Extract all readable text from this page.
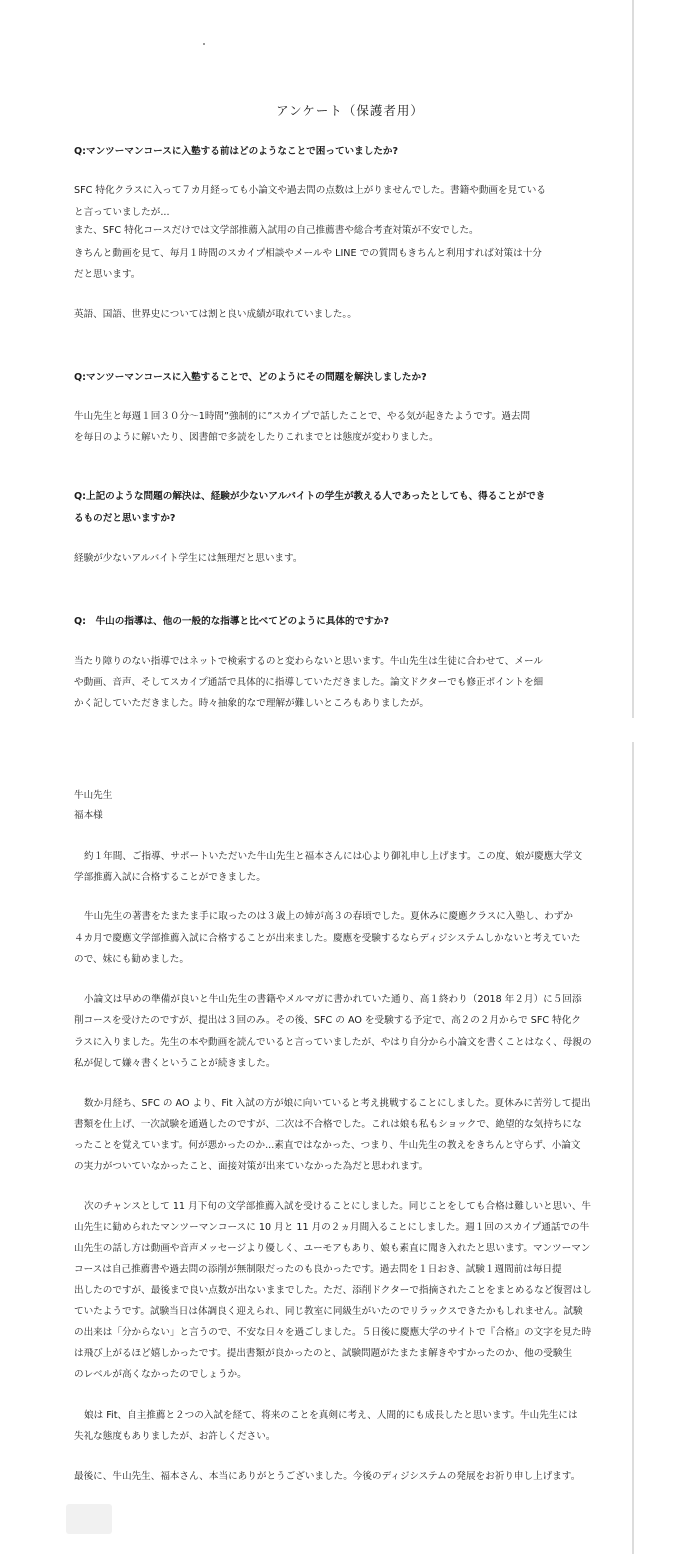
アンケート（保護者用）

Q:マンツーマンコースに入塾する前はどのようなことで困っていましたか?

SFC 特化クラスに入って７カ月経っても小論文や過去問の点数は上がりませんでした。書籍や動画を見ている

と言っていましたが...

また、SFC 特化コースだけでは文学部推薦入試用の自己推薦書や総合考査対策が不安でした。

きちんと動画を見て、毎月１時間のスカイプ相談やメールや LINE での質問もきちんと利用すれば対策は十分

だと思います。

英語、国語、世界史については割と良い成績が取れていました。。

Q:マンツーマンコースに入塾することで、どのようにその問題を解決しましたか?

牛山先生と毎週１回３０分～1時間”強制的に”スカイプで話したことで、やる気が起きたようです。過去問

を毎日のように解いたり、図書館で多読をしたりこれまでとは態度が変わりました。

Q:上記のような問題の解決は、経験が少ないアルバイトの学生が教える人であったとしても、得ることができ

るものだと思いますか?

経験が少ないアルバイト学生には無理だと思います。

Q:　牛山の指導は、他の一般的な指導と比べてどのように具体的ですか?

当たり障りのない指導ではネットで検索するのと変わらないと思います。牛山先生は生徒に合わせて、メール

や動画、音声、そしてスカイプ通話で具体的に指導していただきました。論文ドクターでも修正ポイントを細

かく記していただきました。時々抽象的なで理解が難しいところもありましたが。

牛山先生

福本様

約１年間、ご指導、サポートいただいた牛山先生と福本さんには心より御礼申し上げます。この度、娘が慶應大学文

学部推薦入試に合格することができました。

牛山先生の著書をたまたま手に取ったのは３歳上の姉が高３の春頃でした。夏休みに慶應クラスに入塾し、わずか

４カ月で慶應文学部推薦入試に合格することが出来ました。慶應を受験するならディジシステムしかないと考えていた

ので、妹にも勧めました。

小論文は早めの準備が良いと牛山先生の書籍やメルマガに書かれていた通り、高１終わり（2018 年２月）に５回添

削コースを受けたのですが、提出は３回のみ。その後、SFC の AO を受験する予定で、高２の２月からで SFC 特化ク

ラスに入りました。先生の本や動画を読んでいると言っていましたが、やはり自分から小論文を書くことはなく、母親の

私が促して嫌々書くということが続きました。

数か月経ち、SFC の AO より、Fit 入試の方が娘に向いていると考え挑戦することにしました。夏休みに苦労して提出

書類を仕上げ、一次試験を通過したのですが、二次は不合格でした。これは娘も私もショックで、絶望的な気持ちにな

ったことを覚えています。何が悪かったのか...素直ではなかった、つまり、牛山先生の教えをきちんと守らず、小論文

の実力がついていなかったこと、面接対策が出来ていなかった為だと思われます。

次のチャンスとして 11 月下旬の文学部推薦入試を受けることにしました。同じことをしても合格は難しいと思い、牛

山先生に勧められたマンツーマンコースに 10 月と 11 月の２ヵ月間入ることにしました。週１回のスカイプ通話での牛

山先生の話し方は動画や音声メッセージより優しく、ユーモアもあり、娘も素直に聞き入れたと思います。マンツーマン

コースは自己推薦書や過去問の添削が無制限だったのも良かったです。過去問を１日おき、試験１週間前は毎日提

出したのですが、最後まで良い点数が出ないままでした。ただ、添削ドクターで指摘されたことをまとめるなど復習はし

ていたようです。試験当日は体調良く迎えられ、同じ教室に同級生がいたのでリラックスできたかもしれません。試験

の出来は「分からない」と言うので、不安な日々を過ごしました。５日後に慶應大学のサイトで『合格』の文字を見た時

は飛び上がるほど嬉しかったです。提出書類が良かったのと、試験問題がたまたま解きやすかったのか、他の受験生

のレベルが高くなかったのでしょうか。

娘は Fit、自主推薦と２つの入試を経て、将来のことを真剣に考え、人間的にも成長したと思います。牛山先生には

失礼な態度もありましたが、お許しください。

最後に、牛山先生、福本さん、本当にありがとうございました。今後のディジシステムの発展をお祈り申し上げます。
